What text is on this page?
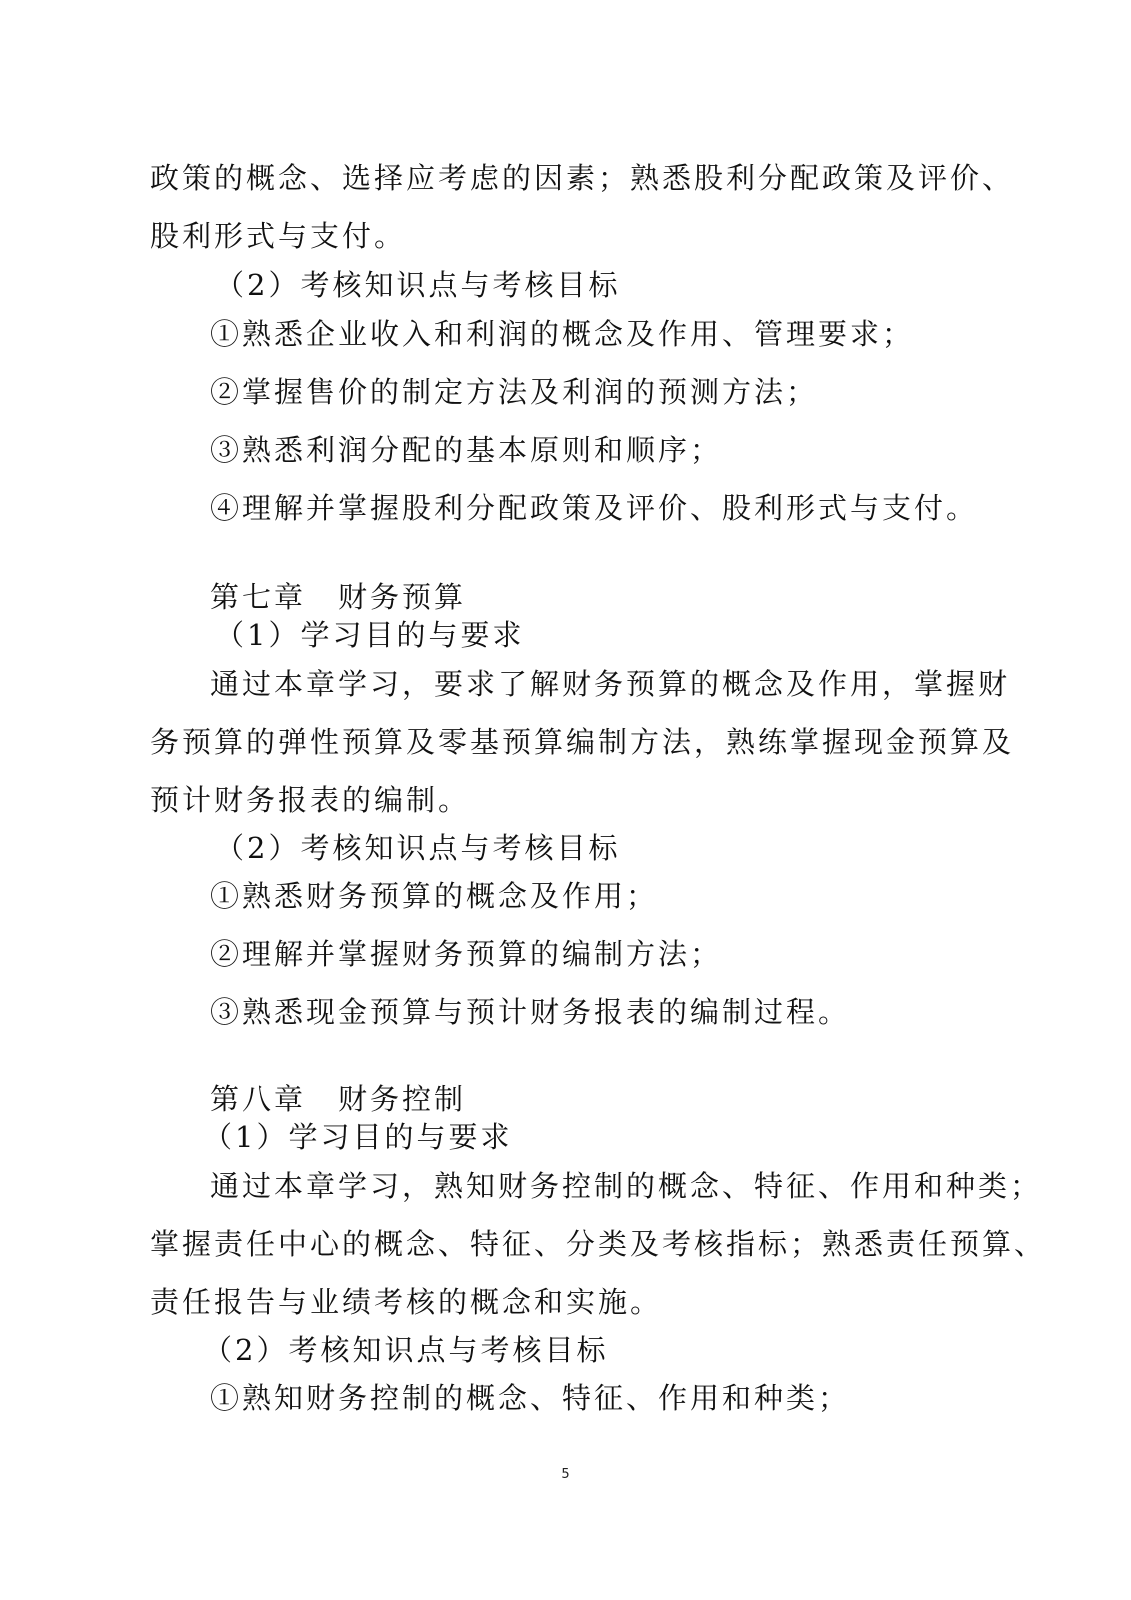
政策的概念、选择应考虑的因素；熟悉股利分配政策及评价、
股利形式与支付。
（2）考核知识点与考核目标
①熟悉企业收入和利润的概念及作用、管理要求；
②掌握售价的制定方法及利润的预测方法；
③熟悉利润分配的基本原则和顺序；
④理解并掌握股利分配政策及评价、股利形式与支付。
第七章　财务预算
（1）学习目的与要求
通过本章学习，要求了解财务预算的概念及作用，掌握财
务预算的弹性预算及零基预算编制方法，熟练掌握现金预算及
预计财务报表的编制。
（2）考核知识点与考核目标
①熟悉财务预算的概念及作用；
②理解并掌握财务预算的编制方法；
③熟悉现金预算与预计财务报表的编制过程。
第八章　财务控制
（1）学习目的与要求
通过本章学习，熟知财务控制的概念、特征、作用和种类；
掌握责任中心的概念、特征、分类及考核指标；熟悉责任预算、
责任报告与业绩考核的概念和实施。
（2）考核知识点与考核目标
①熟知财务控制的概念、特征、作用和种类；
5
